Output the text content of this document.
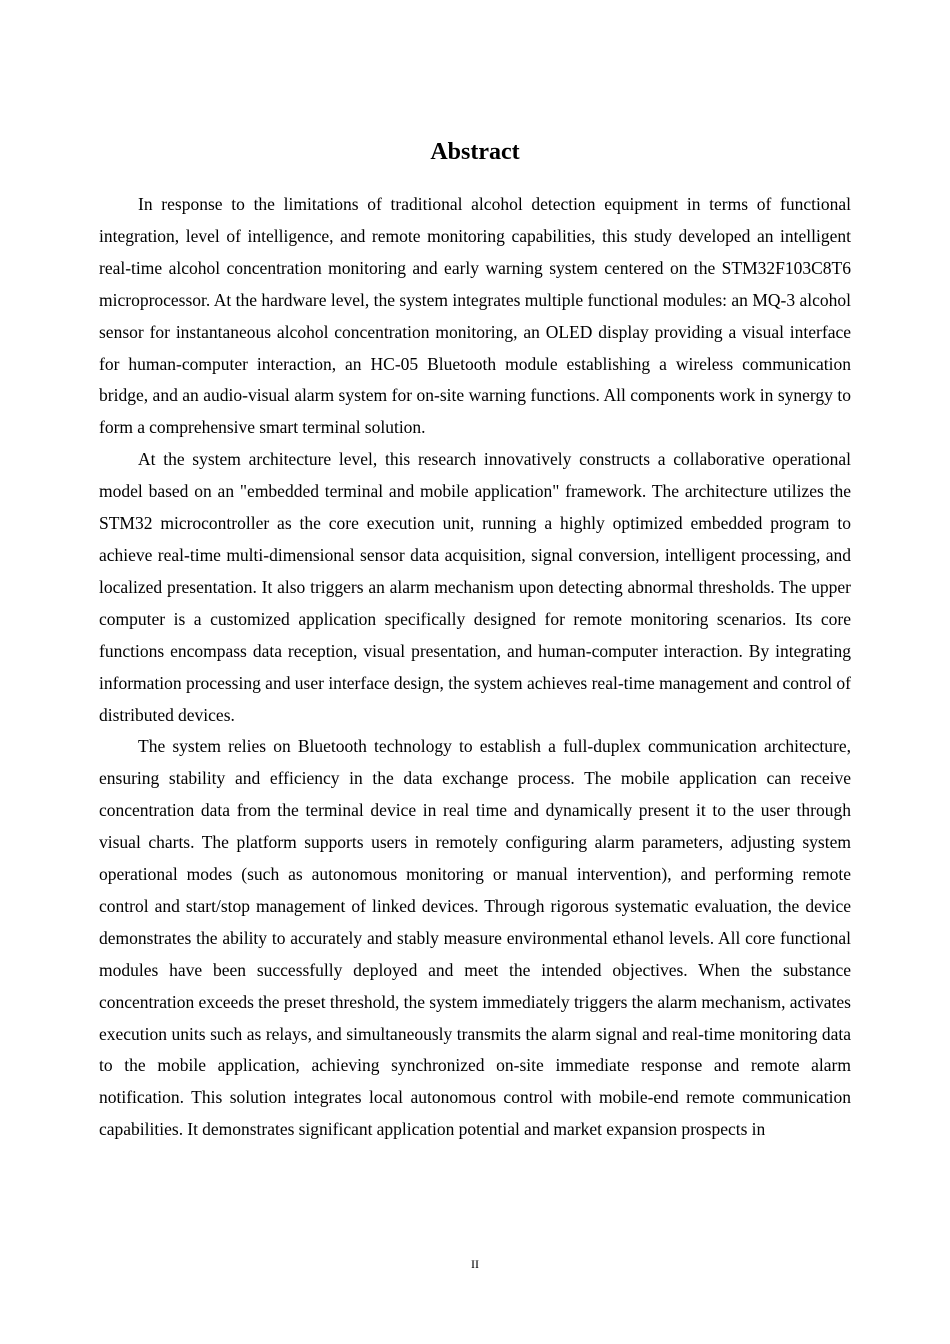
Abstract

In response to the limitations of traditional alcohol detection equipment in terms of functional integration, level of intelligence, and remote monitoring capabilities, this study developed an intelligent real-time alcohol concentration monitoring and early warning system centered on the STM32F103C8T6 microprocessor. At the hardware level, the system integrates multiple functional modules: an MQ-3 alcohol sensor for instantaneous alcohol concentration monitoring, an OLED display providing a visual interface for human-computer interaction, an HC-05 Bluetooth module establishing a wireless communication bridge, and an audio-visual alarm system for on-site warning functions. All components work in synergy to form a comprehensive smart terminal solution.

At the system architecture level, this research innovatively constructs a collaborative operational model based on an "embedded terminal and mobile application" framework. The architecture utilizes the STM32 microcontroller as the core execution unit, running a highly optimized embedded program to achieve real-time multi-dimensional sensor data acquisition, signal conversion, intelligent processing, and localized presentation. It also triggers an alarm mechanism upon detecting abnormal thresholds. The upper computer is a customized application specifically designed for remote monitoring scenarios. Its core functions encompass data reception, visual presentation, and human-computer interaction. By integrating information processing and user interface design, the system achieves real-time management and control of distributed devices.

The system relies on Bluetooth technology to establish a full-duplex communication architecture, ensuring stability and efficiency in the data exchange process. The mobile application can receive concentration data from the terminal device in real time and dynamically present it to the user through visual charts. The platform supports users in remotely configuring alarm parameters, adjusting system operational modes (such as autonomous monitoring or manual intervention), and performing remote control and start/stop management of linked devices. Through rigorous systematic evaluation, the device demonstrates the ability to accurately and stably measure environmental ethanol levels. All core functional modules have been successfully deployed and meet the intended objectives. When the substance concentration exceeds the preset threshold, the system immediately triggers the alarm mechanism, activates execution units such as relays, and simultaneously transmits the alarm signal and real-time monitoring data to the mobile application, achieving synchronized on-site immediate response and remote alarm notification. This solution integrates local autonomous control with mobile-end remote communication capabilities. It demonstrates significant application potential and market expansion prospects in

II
